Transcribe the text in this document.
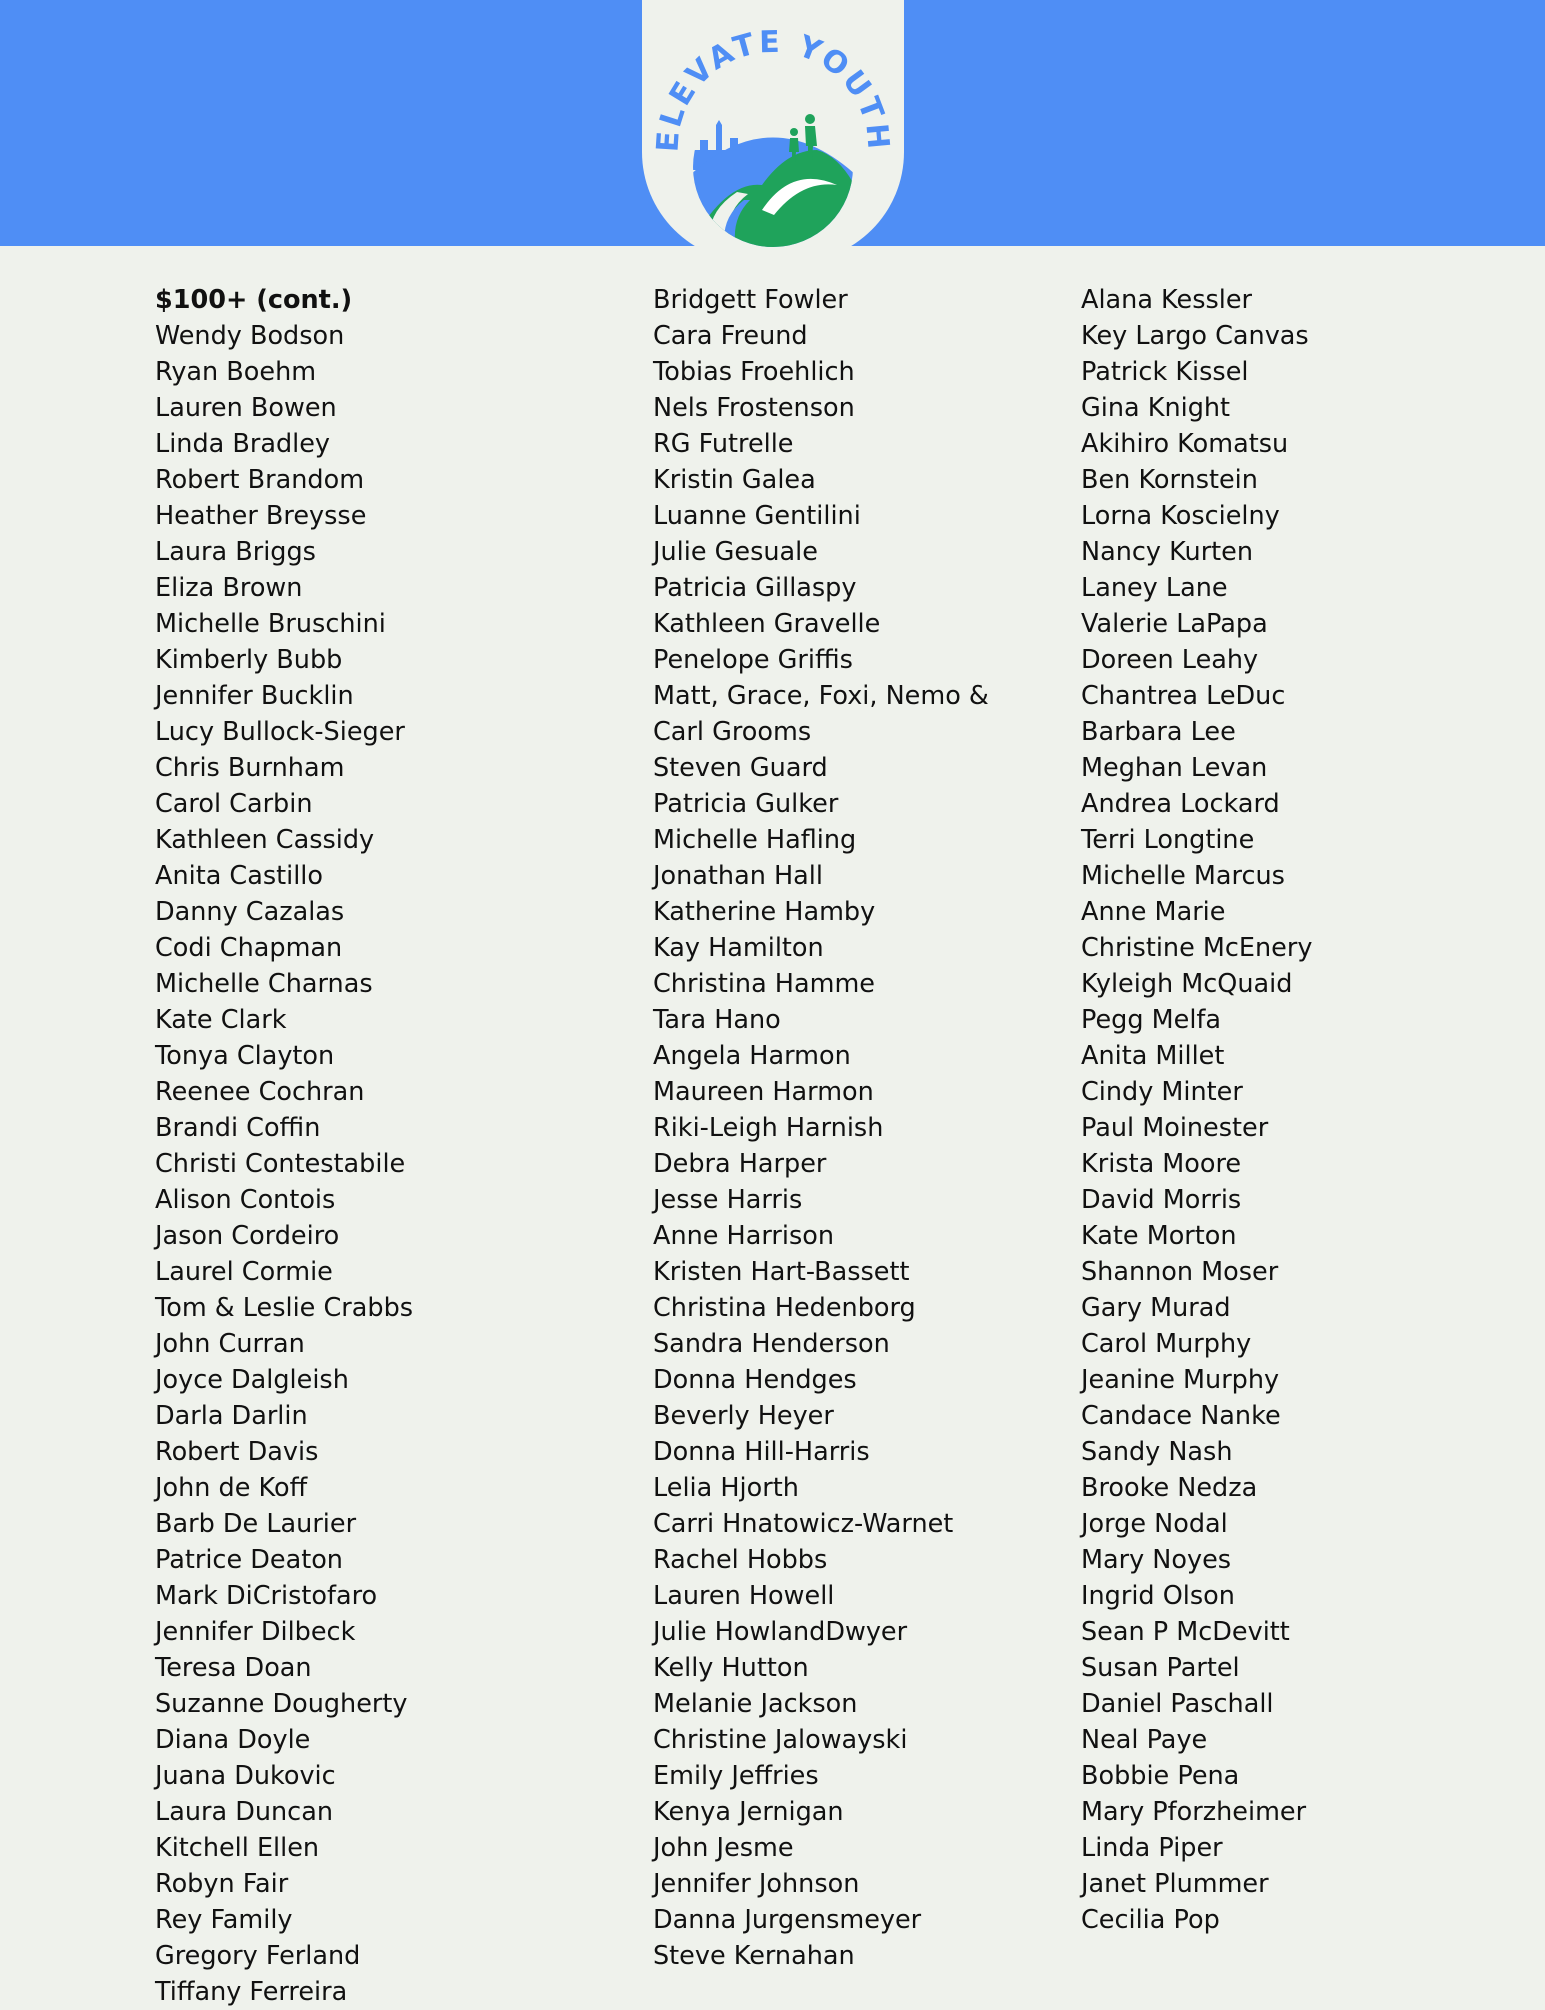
ELEVATE YOUTH
$100+ (cont.)
Wendy Bodson
Ryan Boehm
Lauren Bowen
Linda Bradley
Robert Brandom
Heather Breysse
Laura Briggs
Eliza Brown
Michelle Bruschini
Kimberly Bubb
Jennifer Bucklin
Lucy Bullock-Sieger
Chris Burnham
Carol Carbin
Kathleen Cassidy
Anita Castillo
Danny Cazalas
Codi Chapman
Michelle Charnas
Kate Clark
Tonya Clayton
Reenee Cochran
Brandi Coffin
Christi Contestabile
Alison Contois
Jason Cordeiro
Laurel Cormie
Tom & Leslie Crabbs
John Curran
Joyce Dalgleish
Darla Darlin
Robert Davis
John de Koff
Barb De Laurier
Patrice Deaton
Mark DiCristofaro
Jennifer Dilbeck
Teresa Doan
Suzanne Dougherty
Diana Doyle
Juana Dukovic
Laura Duncan
Kitchell Ellen
Robyn Fair
Rey Family
Gregory Ferland
Tiffany Ferreira
Bridgett Fowler
Cara Freund
Tobias Froehlich
Nels Frostenson
RG Futrelle
Kristin Galea
Luanne Gentilini
Julie Gesuale
Patricia Gillaspy
Kathleen Gravelle
Penelope Griffis
Matt, Grace, Foxi, Nemo &
Carl Grooms
Steven Guard
Patricia Gulker
Michelle Hafling
Jonathan Hall
Katherine Hamby
Kay Hamilton
Christina Hamme
Tara Hano
Angela Harmon
Maureen Harmon
Riki-Leigh Harnish
Debra Harper
Jesse Harris
Anne Harrison
Kristen Hart-Bassett
Christina Hedenborg
Sandra Henderson
Donna Hendges
Beverly Heyer
Donna Hill-Harris
Lelia Hjorth
Carri Hnatowicz-Warnet
Rachel Hobbs
Lauren Howell
Julie HowlandDwyer
Kelly Hutton
Melanie Jackson
Christine Jalowayski
Emily Jeffries
Kenya Jernigan
John Jesme
Jennifer Johnson
Danna Jurgensmeyer
Steve Kernahan
Alana Kessler
Key Largo Canvas
Patrick Kissel
Gina Knight
Akihiro Komatsu
Ben Kornstein
Lorna Koscielny
Nancy Kurten
Laney Lane
Valerie LaPapa
Doreen Leahy
Chantrea LeDuc
Barbara Lee
Meghan Levan
Andrea Lockard
Terri Longtine
Michelle Marcus
Anne Marie
Christine McEnery
Kyleigh McQuaid
Pegg Melfa
Anita Millet
Cindy Minter
Paul Moinester
Krista Moore
David Morris
Kate Morton
Shannon Moser
Gary Murad
Carol Murphy
Jeanine Murphy
Candace Nanke
Sandy Nash
Brooke Nedza
Jorge Nodal
Mary Noyes
Ingrid Olson
Sean P McDevitt
Susan Partel
Daniel Paschall
Neal Paye
Bobbie Pena
Mary Pforzheimer
Linda Piper
Janet Plummer
Cecilia Pop
